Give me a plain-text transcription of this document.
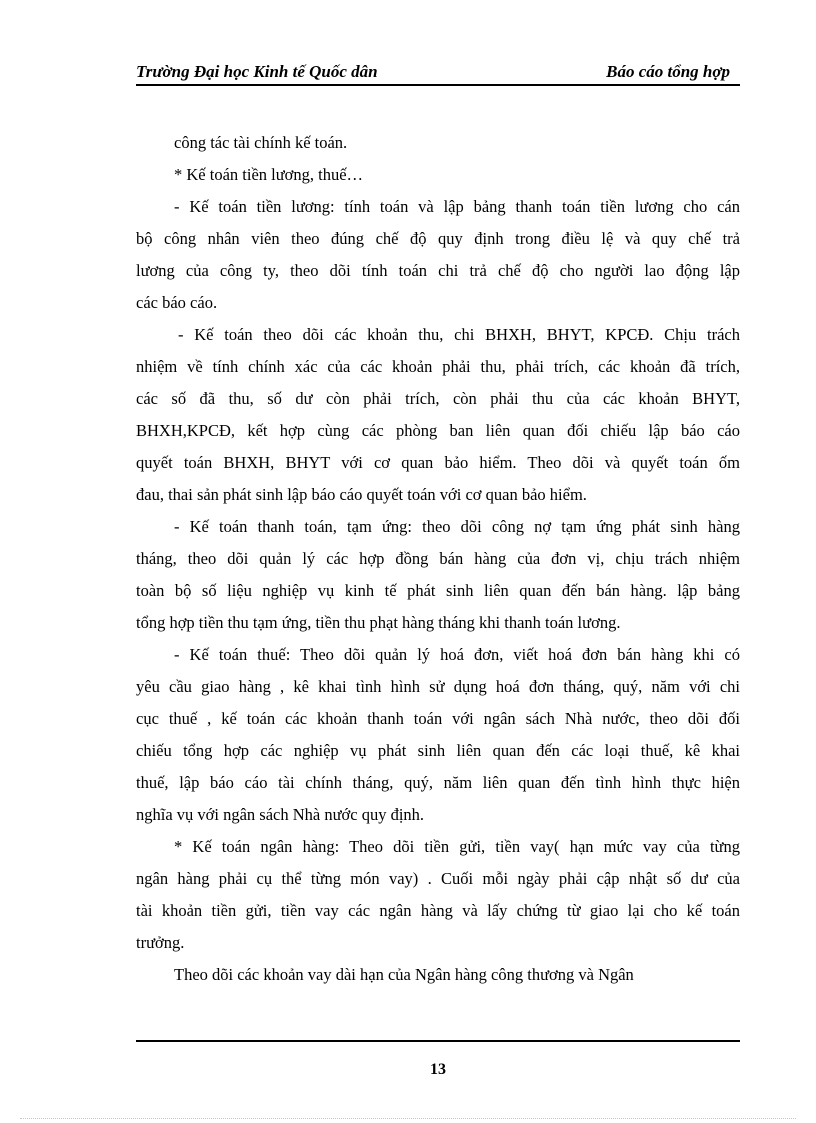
Trường Đại học Kinh tế Quốc dân	Báo cáo tổng hợp
công tác tài chính kế toán.
* Kế toán tiền lương, thuế…
- Kế toán tiền lương: tính toán và lập bảng thanh toán tiền lương cho cán
bộ công nhân viên theo đúng chế độ quy định trong điều lệ và quy chế trả
lương của công ty, theo dõi tính toán chi trả chế độ cho người lao động lập
các báo cáo.
- Kế toán theo dõi các khoản thu, chi BHXH, BHYT, KPCĐ. Chịu trách
nhiệm về tính chính xác của các khoản phải thu, phải trích, các khoản đã trích,
các số đã thu, số dư còn phải trích, còn phải thu của các khoản BHYT,
BHXH,KPCĐ, kết hợp cùng các phòng ban liên quan đối chiếu lập báo cáo
quyết toán BHXH, BHYT với cơ quan bảo hiểm. Theo dõi và quyết toán ốm
đau, thai sản phát sinh lập báo cáo quyết toán với cơ quan bảo hiểm.
- Kế toán thanh toán, tạm ứng: theo dõi công nợ tạm ứng phát sinh hàng
tháng, theo dõi quản lý các hợp đồng bán hàng của đơn vị, chịu trách nhiệm
toàn bộ số liệu nghiệp vụ kinh tế phát sinh liên quan đến bán hàng. lập bảng
tổng hợp tiền thu tạm ứng, tiền thu phạt hàng tháng khi thanh toán lương.
- Kế toán thuế: Theo dõi quản lý hoá đơn, viết hoá đơn bán hàng khi có
yêu cầu giao hàng , kê khai tình hình sử dụng hoá đơn tháng, quý, năm với chi
cục thuế , kế toán các khoản thanh toán với ngân sách Nhà nước, theo dõi đối
chiếu tổng hợp các nghiệp vụ phát sinh liên quan đến các loại thuế, kê khai
thuế, lập báo cáo tài chính tháng, quý, năm liên quan đến tình hình thực hiện
nghĩa vụ với ngân sách Nhà nước quy định.
* Kế toán ngân hàng: Theo dõi tiền gửi, tiền vay( hạn mức vay của từng
ngân hàng phải cụ thể từng món vay) . Cuối mỗi ngày phải cập nhật số dư của
tài khoản tiền gửi, tiền vay các ngân hàng và lấy chứng từ giao lại cho kế toán
trưởng.
Theo dõi các khoản vay dài hạn của Ngân hàng công thương và Ngân
13
